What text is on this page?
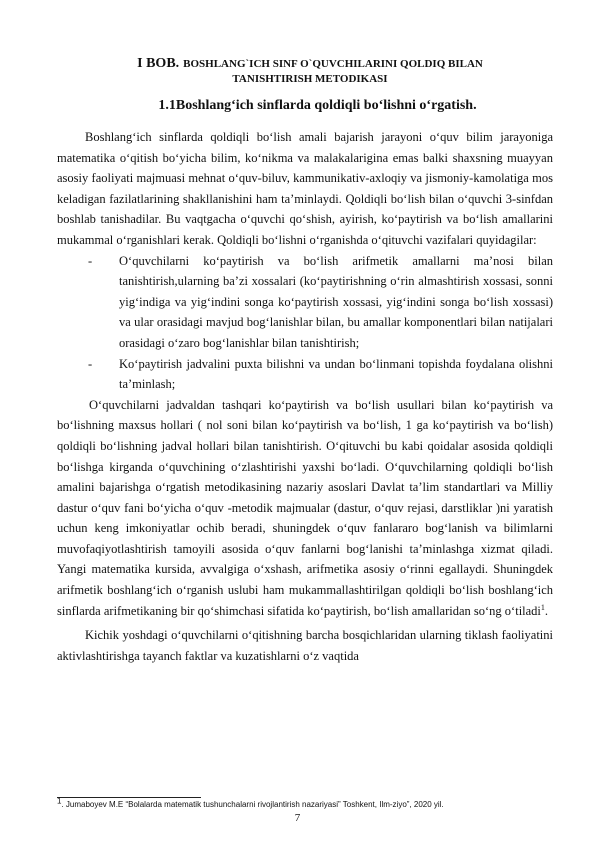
I BOB. BOSHLANG`ICH SINF O`QUVCHILARINI QOLDIQ BILAN
TANISHTIRISH METODIKASI
1.1Boshlang‘ich sinflarda qoldiqli bo‘lishni o‘rgatish.

Boshlang‘ich sinflarda qoldiqli bo‘lish amali bajarish jarayoni o‘quv bilim jarayoniga matematika o‘qitish bo‘yicha bilim, ko‘nikma va malakalarigina emas balki shaxsning muayyan asosiy faoliyati majmuasi mehnat o‘quv-biluv, kammunikativ-axloqiy va jismoniy-kamolatiga mos keladigan fazilatlarining shakllanishini ham ta’minlaydi. Qoldiqli bo‘lish bilan o‘quvchi 3-sinfdan boshlab tanishadilar. Bu vaqtgacha o‘quvchi qo‘shish, ayirish, ko‘paytirish va bo‘lish amallarini mukammal o‘rganishlari kerak. Qoldiqli bo‘lishni o‘rganishda o‘qituvchi vazifalari quyidagilar:

- O‘quvchilarni ko‘paytirish va bo‘lish arifmetik amallarni ma’nosi bilan tanishtirish,ularning ba’zi xossalari (ko‘paytirishning o‘rin almashtirish xossasi, sonni yig‘indiga va yig‘indini songa ko‘paytirish xossasi, yig‘indini songa bo‘lish xossasi) va ular orasidagi mavjud bog‘lanishlar bilan, bu amallar komponentlari bilan natijalari orasidagi o‘zaro bog‘lanishlar bilan tanishtirish;
- Ko‘paytirish jadvalini puxta bilishni va undan bo‘linmani topishda foydalana olishni ta’minlash;

O‘quvchilarni jadvaldan tashqari ko‘paytirish va bo‘lish usullari bilan ko‘paytirish va bo‘lishning maxsus hollari ( nol soni bilan ko‘paytirish va bo‘lish, 1 ga ko‘paytirish va bo‘lish) qoldiqli bo‘lishning jadval hollari bilan tanishtirish. O‘qituvchi bu kabi qoidalar asosida qoldiqli bo‘lishga kirganda o‘quvchining o‘zlashtirishi yaxshi bo‘ladi. O‘quvchilarning qoldiqli bo‘lish amalini bajarishga o‘rgatish metodikasining nazariy asoslari Davlat ta’lim standartlari va Milliy dastur o‘quv fani bo‘yicha o‘quv -metodik majmualar (dastur, o‘quv rejasi, darstliklar )ni yaratish uchun keng imkoniyatlar ochib beradi, shuningdek o‘quv fanlararo bog‘lanish va bilimlarni muvofaqiyotlashtirish tamoyili asosida o‘quv fanlarni bog‘lanishi ta’minlashga xizmat qiladi. Yangi matematika kursida, avvalgiga o‘xshash, arifmetika asosiy o‘rinni egallaydi. Shuningdek arifmetik boshlang‘ich o‘rganish uslubi ham mukammallashtirilgan qoldiqli bo‘lish boshlang‘ich sinflarda arifmetikaning bir qo‘shimchasi sifatida ko‘paytirish, bo‘lish amallaridan so‘ng o‘tiladi$^1$.

Kichik yoshdagi o‘quvchilarni o‘qitishning barcha bosqichlaridan ularning tiklash faoliyatini aktivlashtirishga tayanch faktlar va kuzatishlarni o‘z vaqtida

$^1$. Jumaboyev M.E “Bolalarda matematik tushunchalarni rivojlantirish nazariyasi” Toshkent, Ilm-ziyo”, 2020 yil.
7
